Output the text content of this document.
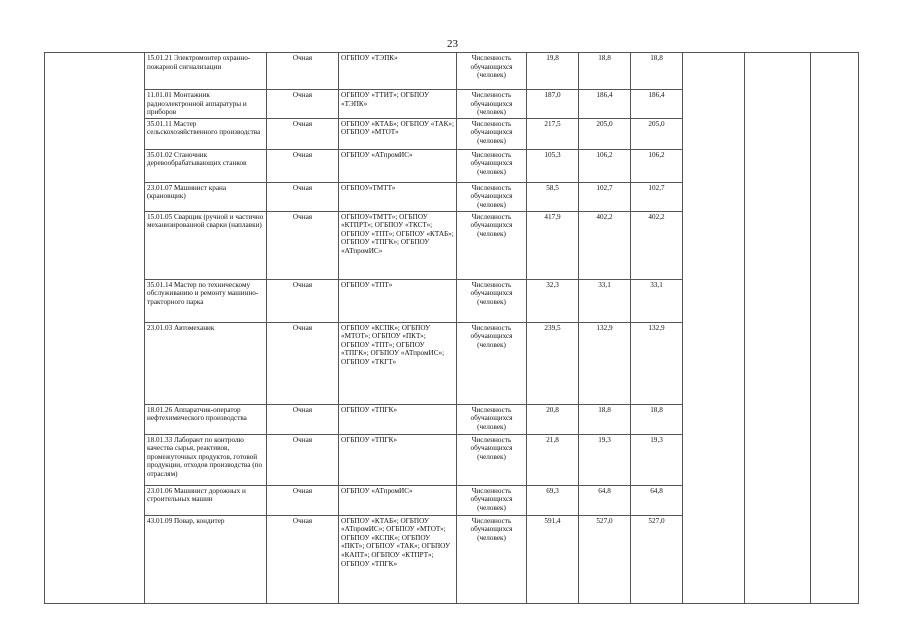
23
	15.01.21 Электромонтер охранно-пожарной сигнализации	Очная	ОГБПОУ «ТЭПК»	Численность обучающихся (человек)	19,8	18,8	18,8			
	11.01.01 Монтажник радиоэлектронной аппаратуры и приборов	Очная	ОГБПОУ «ТТИТ»; ОГБПОУ «ТЭПК»	Численность обучающихся (человек)	187,0	186,4	186,4			
	35.01.11 Мастер сельскохозяйственного производства	Очная	ОГБПОУ «КТАБ»; ОГБПОУ «ТАК»; ОГБПОУ «МТОТ»	Численность обучающихся (человек)	217,5	205,0	205,0			
	35.01.02 Станочник деревообрабатывающих станков	Очная	ОГБПОУ «АТпромИС»	Численность обучающихся (человек)	105,3	106,2	106,2			
	23.01.07 Машинист крана (крановщик)	Очная	ОГБПОУ«ТМТТ»	Численность обучающихся (человек)	58,5	102,7	102,7			
	15.01.05 Сварщик (ручной и частично механизированной сварки (наплавки)	Очная	ОГБПОУ«ТМТТ»; ОГБПОУ «КТПРТ»; ОГБПОУ «ТКСТ»; ОГБПОУ «ТПТ»; ОГБПОУ «КТАБ»; ОГБПОУ «ТПГК»; ОГБПОУ «АТпромИС»	Численность обучающихся (человек)	417,9	402,2	402,2			
	35.01.14 Мастер по техническому обслуживанию и ремонту машинно-тракторного парка	Очная	ОГБПОУ «ТПТ»	Численность обучающихся (человек)	32,3	33,1	33,1			
	23.01.03 Автомеханик	Очная	ОГБПОУ «КСПК»; ОГБПОУ «МТОТ»; ОГБПОУ «ПКТ»; ОГБПОУ «ТПТ»; ОГБПОУ «ТПГК»; ОГБПОУ «АТпромИС»; ОГБПОУ «ТКГТ»	Численность обучающихся (человек)	239,5	132,9	132,9			
	18.01.26 Аппаратчик-оператор нефтехимического производства	Очная	ОГБПОУ «ТПГК»	Численность обучающихся (человек)	20,8	18,8	18,8			
	18.01.33 Лаборант по контролю качества сырья, реактивов, промежуточных продуктов, готовой продукции, отходов производства (по отраслям)	Очная	ОГБПОУ «ТПГК»	Численность обучающихся (человек)	21,8	19,3	19,3			
	23.01.06 Машинист дорожных и строительных машин	Очная	ОГБПОУ «АТпромИС»	Численность обучающихся (человек)	69,3	64,8	64,8			
	43.01.09 Повар, кондитер	Очная	ОГБПОУ «КТАБ»; ОГБПОУ «АТпромИС»; ОГБПОУ «МТОТ»; ОГБПОУ «КСПК»; ОГБПОУ «ПКТ»; ОГБПОУ «ТАК»; ОГБПОУ «КАПТ»; ОГБПОУ «КТПРТ»; ОГБПОУ «ТПГК»	Численность обучающихся (человек)	591,4	527,0	527,0			
